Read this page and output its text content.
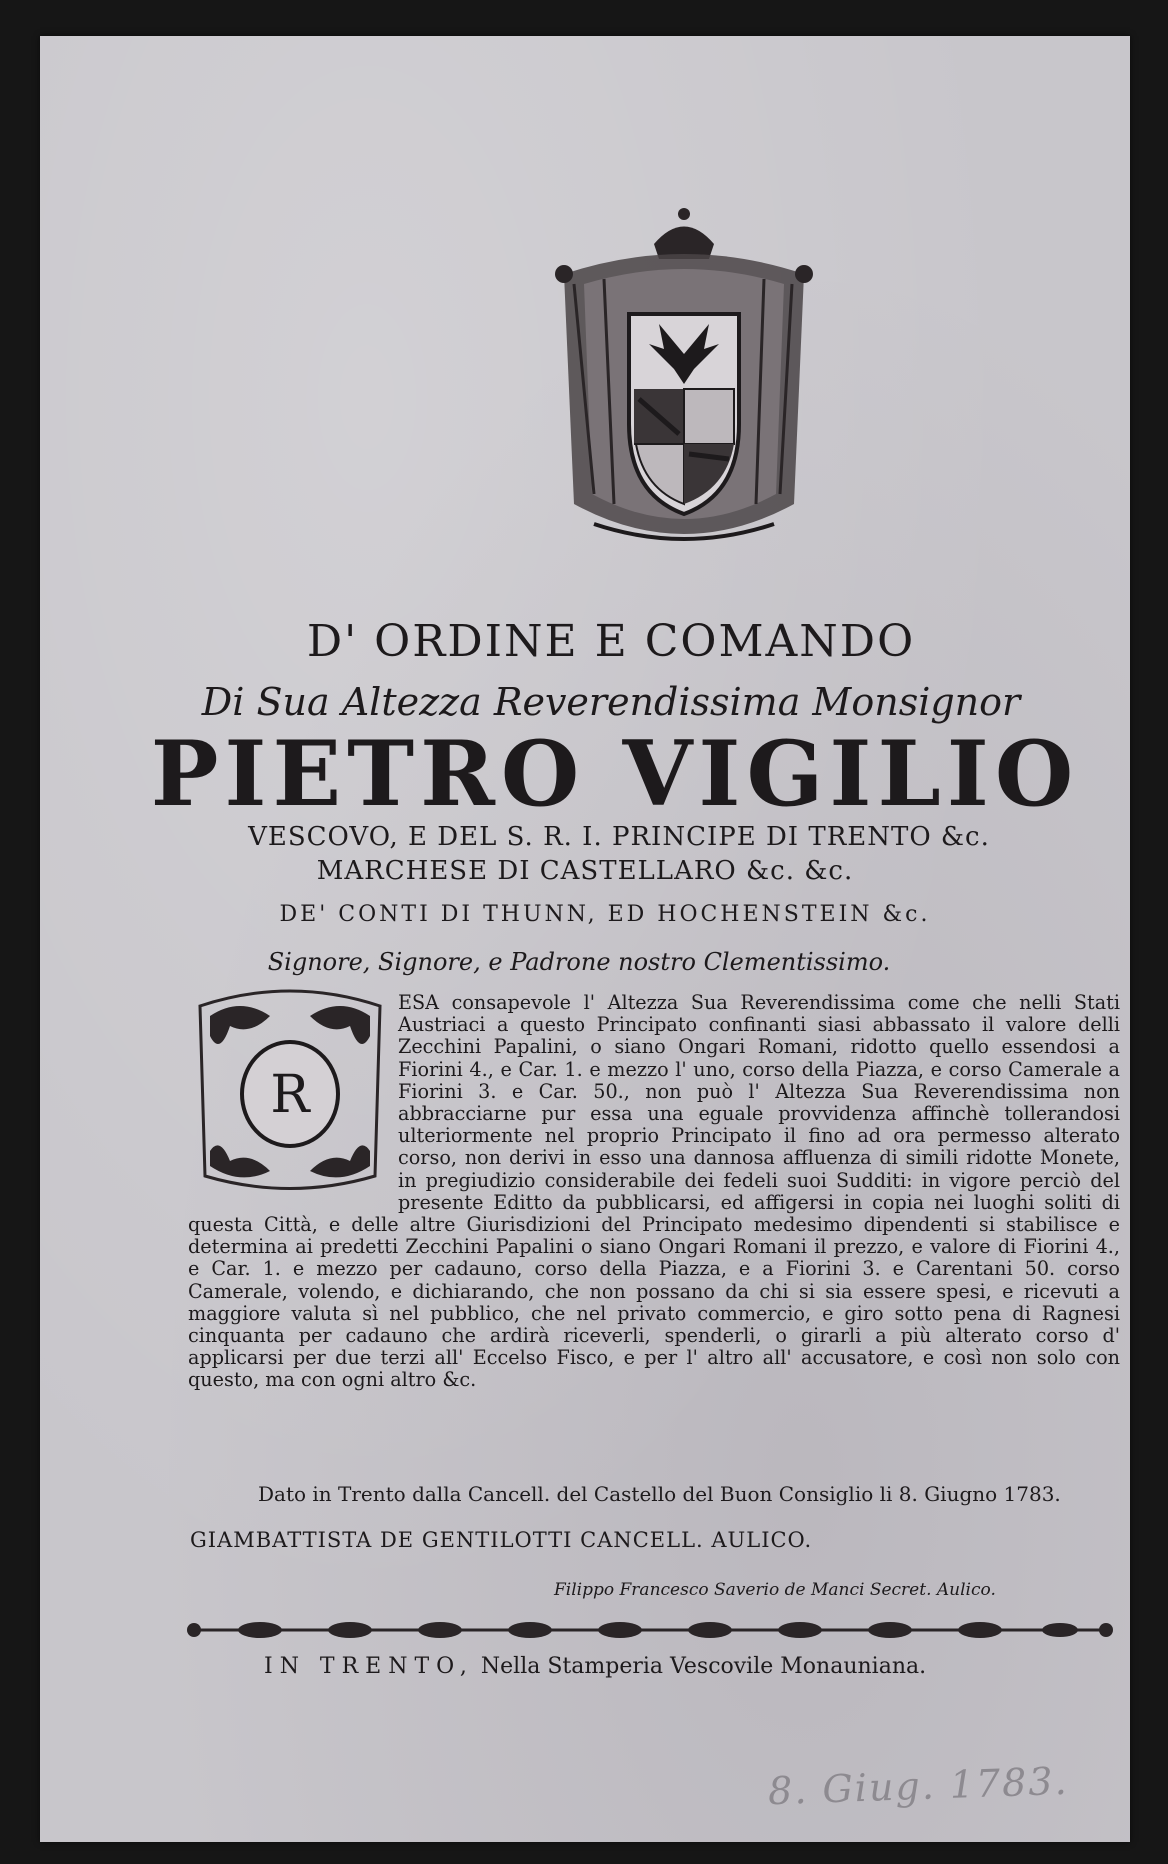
D' ORDINE E COMANDO
Di Sua Altezza Reverendissima Monsignor
PIETRO VIGILIO
VESCOVO, E DEL S. R. I. PRINCIPE DI TRENTO &c.
MARCHESE DI CASTELLARO &c. &c.
DE' CONTI DI THUNN, ED HOCHENSTEIN &c.
Signore, Signore, e Padrone nostro Clementissimo.
R
ESA consapevole l' Altezza Sua Reverendissima come che nelli Stati Austriaci a questo Principato confinanti siasi abbassato il valore delli Zecchini Papalini, o siano Ongari Romani, ridotto quello essendosi a Fiorini 4., e Car. 1. e mezzo l' uno, corso della Piazza, e corso Camerale a Fiorini 3. e Car. 50., non può l' Altezza Sua Reverendissima non abbracciarne pur essa una eguale provvidenza affinchè tollerandosi ulteriormente nel proprio Principato il fino ad ora permesso alterato corso, non derivi in esso una dannosa affluenza di simili ridotte Monete, in pregiudizio considerabile dei fedeli suoi Sudditi: in vigore perciò del presente Editto da pubblicarsi, ed affigersi in copia nei luoghi soliti di questa Città, e delle altre Giurisdizioni del Principato medesimo dipendenti si stabilisce e determina ai predetti Zecchini Papalini o siano Ongari Romani il prezzo, e valore di Fiorini 4., e Car. 1. e mezzo per cadauno, corso della Piazza, e a Fiorini 3. e Carentani 50. corso Camerale, volendo, e dichiarando, che non possano da chi si sia essere spesi, e ricevuti a maggiore valuta sì nel pubblico, che nel privato commercio, e giro sotto pena di Ragnesi cinquanta per cadauno che ardirà riceverli, spenderli, o girarli a più alterato corso d' applicarsi per due terzi all' Eccelso Fisco, e per l' altro all' accusatore, e così non solo con questo, ma con ogni altro &c.
Dato in Trento dalla Cancell. del Castello del Buon Consiglio li 8. Giugno 1783.
GIAMBATTISTA DE GENTILOTTI CANCELL. AULICO.
Filippo Francesco Saverio de Manci Secret. Aulico.
IN TRENTO, Nella Stamperia Vescovile Monauniana.
8. Giug. 1783.
